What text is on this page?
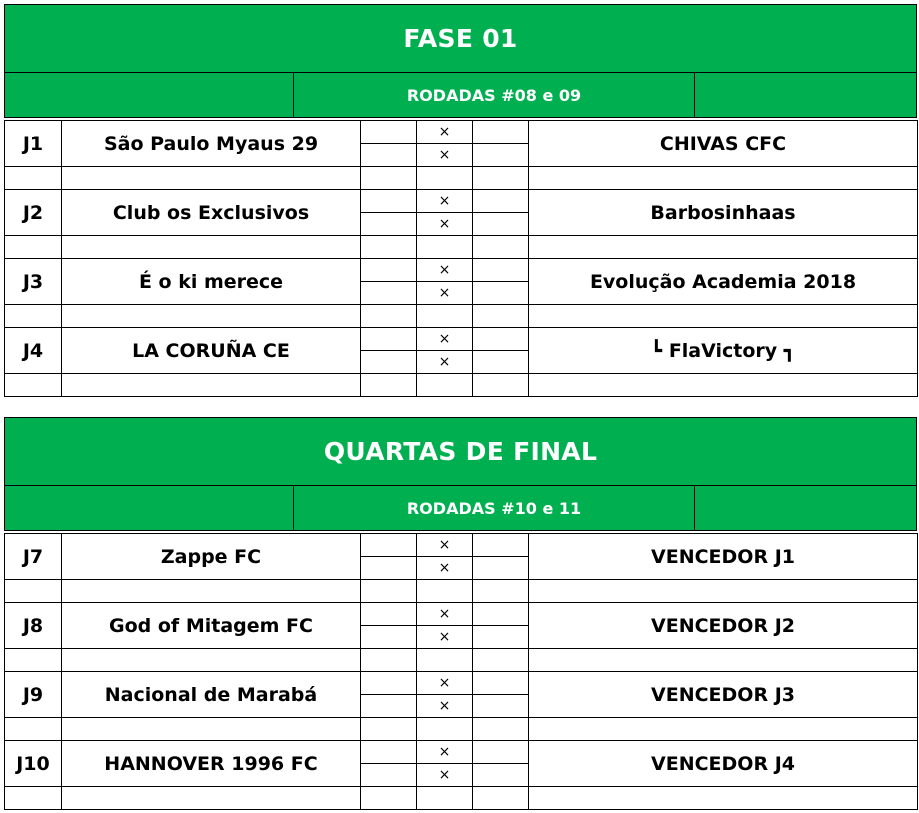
FASE 01
RODADAS #08 e 09
J1	São Paulo Myaus 29		×		CHIVAS CFC
			×		

J2	Club os Exclusivos		×		Barbosinhaas
			×		

J3	É o ki merece		×		Evolução Academia 2018
			×		

J4	LA CORUÑA CE		×		┗ FlaVictory ┓
			×		

QUARTAS DE FINAL
RODADAS #10 e 11
J7	Zappe FC		×		VENCEDOR J1
			×		

J8	God of Mitagem FC		×		VENCEDOR J2
			×		

J9	Nacional de Marabá		×		VENCEDOR J3
			×		

J10	HANNOVER 1996 FC		×		VENCEDOR J4
			×		
